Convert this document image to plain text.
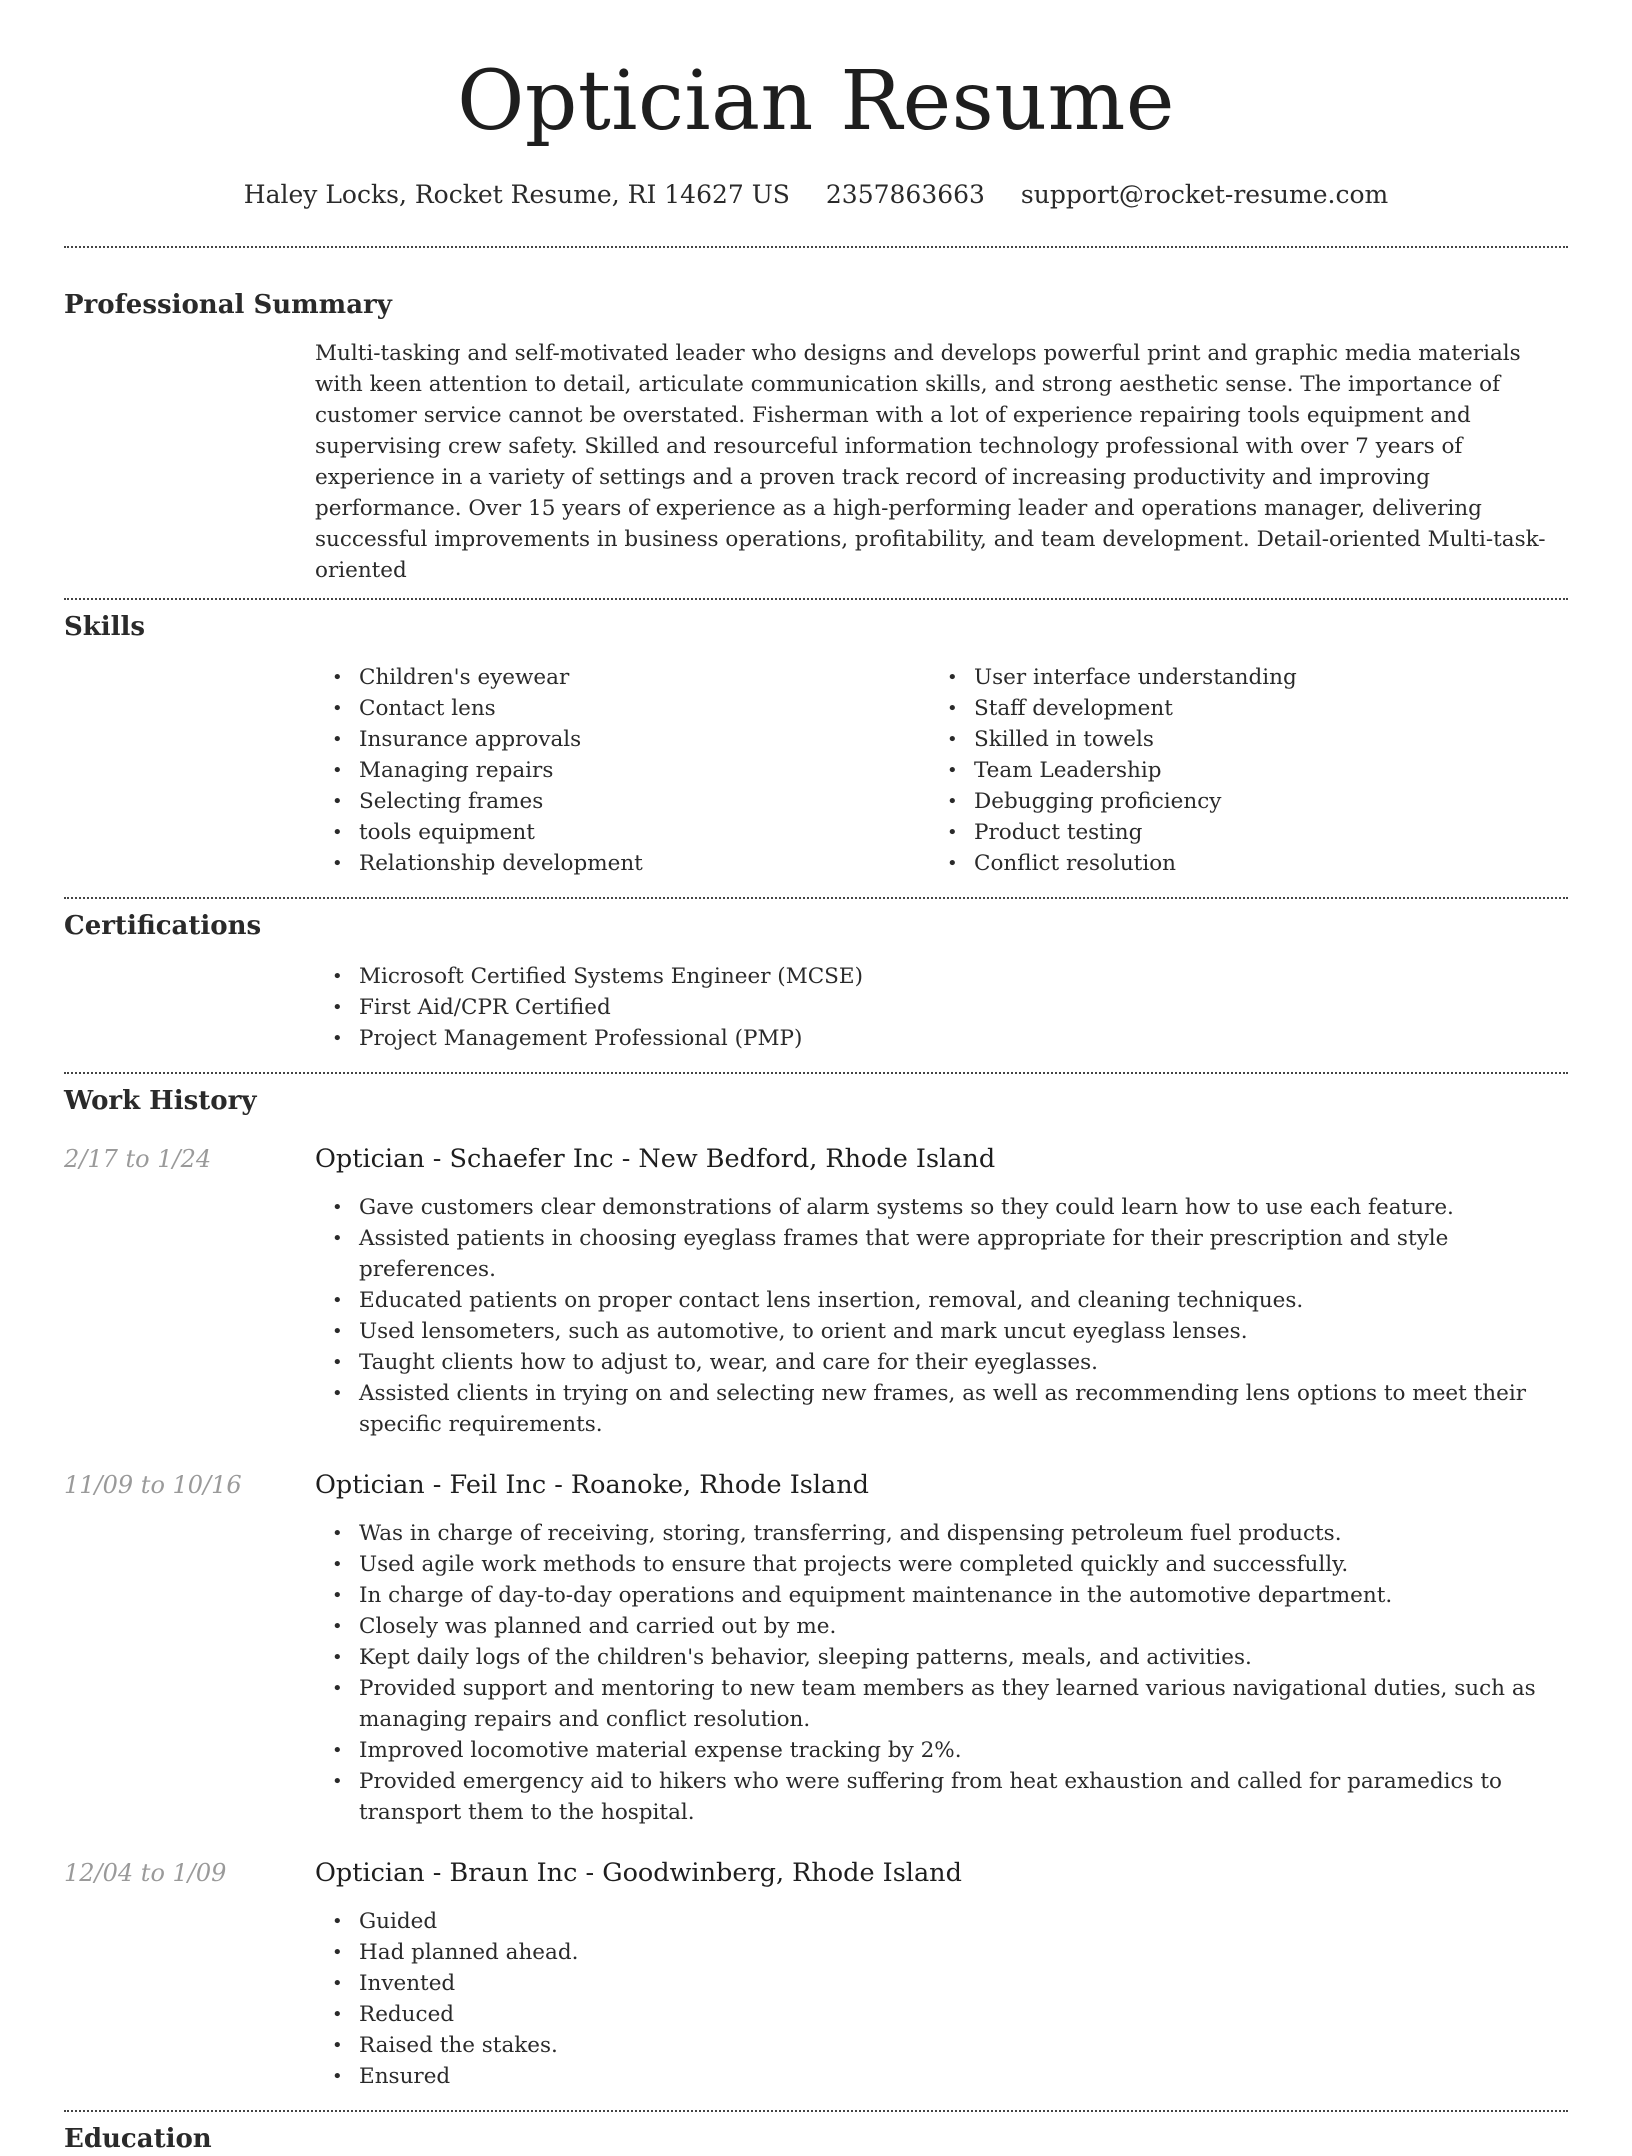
Optician Resume
Haley Locks, Rocket Resume, RI 14627 US 2357863663 support@rocket-resume.com
Professional Summary

Multi-tasking and self-motivated leader who designs and develops powerful print and graphic media materials with keen attention to detail, articulate communication skills, and strong aesthetic sense. The importance of customer service cannot be overstated. Fisherman with a lot of experience repairing tools equipment and supervising crew safety. Skilled and resourceful information technology professional with over 7 years of experience in a variety of settings and a proven track record of increasing productivity and improving performance. Over 15 years of experience as a high-performing leader and operations manager, delivering successful improvements in business operations, profitability, and team development. Detail-oriented Multi-task-oriented

Skills
• Children's eyewear
• Contact lens
• Insurance approvals
• Managing repairs
• Selecting frames
• tools equipment
• Relationship development
• User interface understanding
• Staff development
• Skilled in towels
• Team Leadership
• Debugging proficiency
• Product testing
• Conflict resolution
Certifications
• Microsoft Certified Systems Engineer (MCSE)
• First Aid/CPR Certified
• Project Management Professional (PMP)
Work History
2/17 to 1/24	Optician - Schaefer Inc - New Bedford, Rhode Island
• Gave customers clear demonstrations of alarm systems so they could learn how to use each feature.
• Assisted patients in choosing eyeglass frames that were appropriate for their prescription and style preferences.
• Educated patients on proper contact lens insertion, removal, and cleaning techniques.
• Used lensometers, such as automotive, to orient and mark uncut eyeglass lenses.
• Taught clients how to adjust to, wear, and care for their eyeglasses.
• Assisted clients in trying on and selecting new frames, as well as recommending lens options to meet their specific requirements.
11/09 to 10/16	Optician - Feil Inc - Roanoke, Rhode Island
• Was in charge of receiving, storing, transferring, and dispensing petroleum fuel products.
• Used agile work methods to ensure that projects were completed quickly and successfully.
• In charge of day-to-day operations and equipment maintenance in the automotive department.
• Closely was planned and carried out by me.
• Kept daily logs of the children's behavior, sleeping patterns, meals, and activities.
• Provided support and mentoring to new team members as they learned various navigational duties, such as managing repairs and conflict resolution.
• Improved locomotive material expense tracking by 2%.
• Provided emergency aid to hikers who were suffering from heat exhaustion and called for paramedics to transport them to the hospital.
12/04 to 1/09	Optician - Braun Inc - Goodwinberg, Rhode Island
• Guided
• Had planned ahead.
• Invented
• Reduced
• Raised the stakes.
• Ensured
Education
